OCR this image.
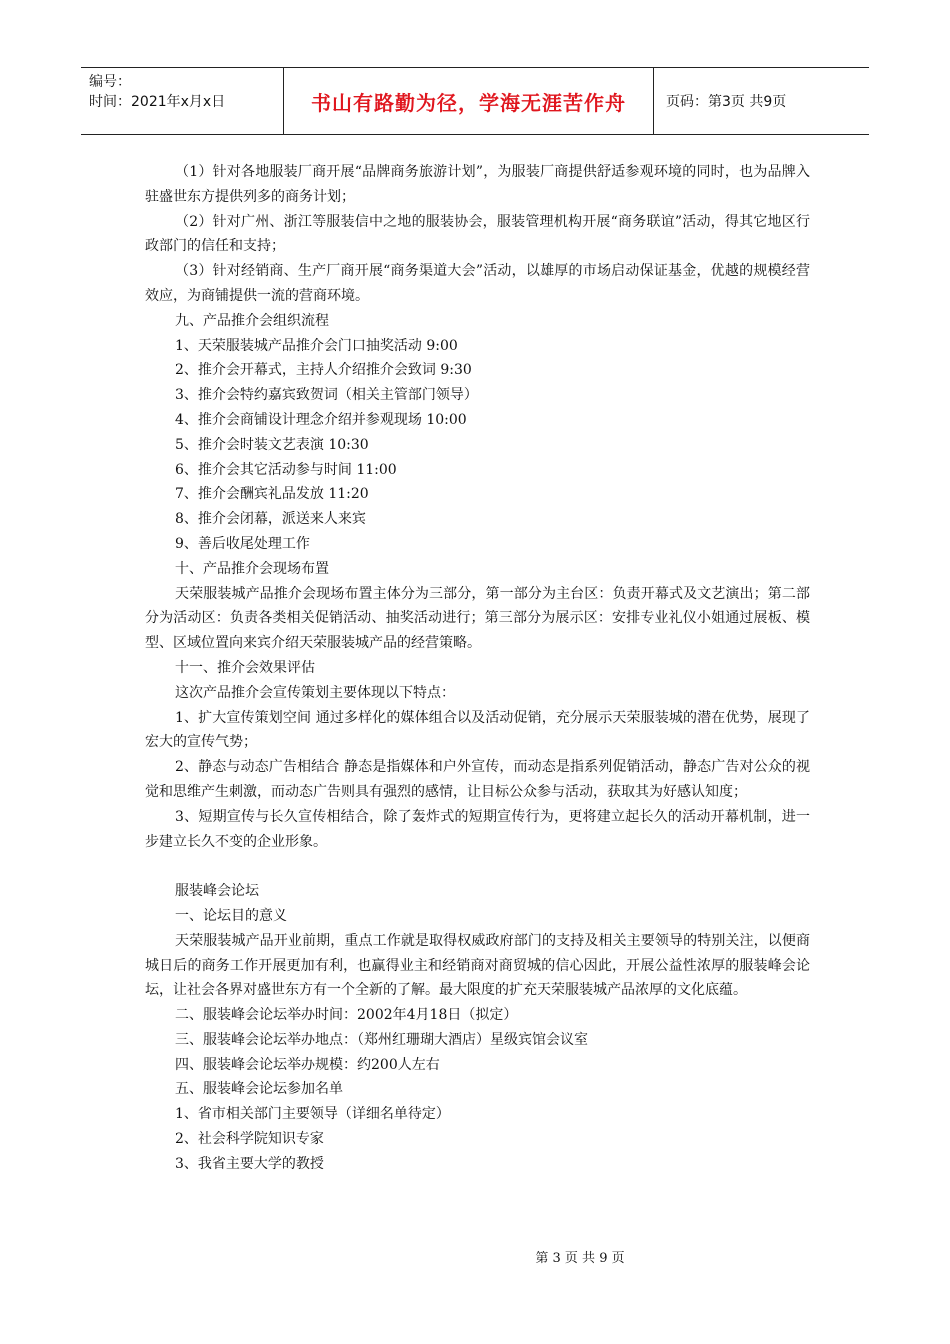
编号：
时间：2021年x月x日	书山有路勤为径，学海无涯苦作舟	页码：第3页 共9页

（1）针对各地服装厂商开展“品牌商务旅游计划”，为服装厂商提供舒适参观环境的同时，也为品牌入驻盛世东方提供列多的商务计划；

（2）针对广州、浙江等服装信中之地的服装协会，服装管理机构开展“商务联谊”活动，得其它地区行政部门的信任和支持；

（3）针对经销商、生产厂商开展“商务渠道大会”活动，以雄厚的市场启动保证基金，优越的规模经营效应，为商铺提供一流的营商环境。

九、产品推介会组织流程

1、天荣服装城产品推介会门口抽奖活动 9:00

2、推介会开幕式，主持人介绍推介会致词 9:30

3、推介会特约嘉宾致贺词（相关主管部门领导）

4、推介会商铺设计理念介绍并参观现场 10:00

5、推介会时装文艺表演 10:30

6、推介会其它活动参与时间 11:00

7、推介会酬宾礼品发放 11:20

8、推介会闭幕，派送来人来宾

9、善后收尾处理工作

十、产品推介会现场布置

天荣服装城产品推介会现场布置主体分为三部分，第一部分为主台区：负责开幕式及文艺演出；第二部分为活动区：负责各类相关促销活动、抽奖活动进行；第三部分为展示区：安排专业礼仪小姐通过展板、模型、区域位置向来宾介绍天荣服装城产品的经营策略。

十一、推介会效果评估

这次产品推介会宣传策划主要体现以下特点：

1、扩大宣传策划空间 通过多样化的媒体组合以及活动促销，充分展示天荣服装城的潜在优势，展现了宏大的宣传气势；

2、静态与动态广告相结合 静态是指媒体和户外宣传，而动态是指系列促销活动，静态广告对公众的视觉和思维产生刺激，而动态广告则具有强烈的感情，让目标公众参与活动，获取其为好感认知度；

3、短期宣传与长久宣传相结合，除了轰炸式的短期宣传行为，更将建立起长久的活动开幕机制，进一步建立长久不变的企业形象。

服装峰会论坛

一、论坛目的意义

天荣服装城产品开业前期，重点工作就是取得权威政府部门的支持及相关主要领导的特别关注，以便商城日后的商务工作开展更加有利，也赢得业主和经销商对商贸城的信心因此，开展公益性浓厚的服装峰会论坛，让社会各界对盛世东方有一个全新的了解。最大限度的扩充天荣服装城产品浓厚的文化底蕴。

二、服装峰会论坛举办时间：2002年4月18日（拟定）

三、服装峰会论坛举办地点：（郑州红珊瑚大酒店）星级宾馆会议室

四、服装峰会论坛举办规模：约200人左右

五、服装峰会论坛参加名单

1、省市相关部门主要领导（详细名单待定）

2、社会科学院知识专家

3、我省主要大学的教授

第 3 页 共 9 页
